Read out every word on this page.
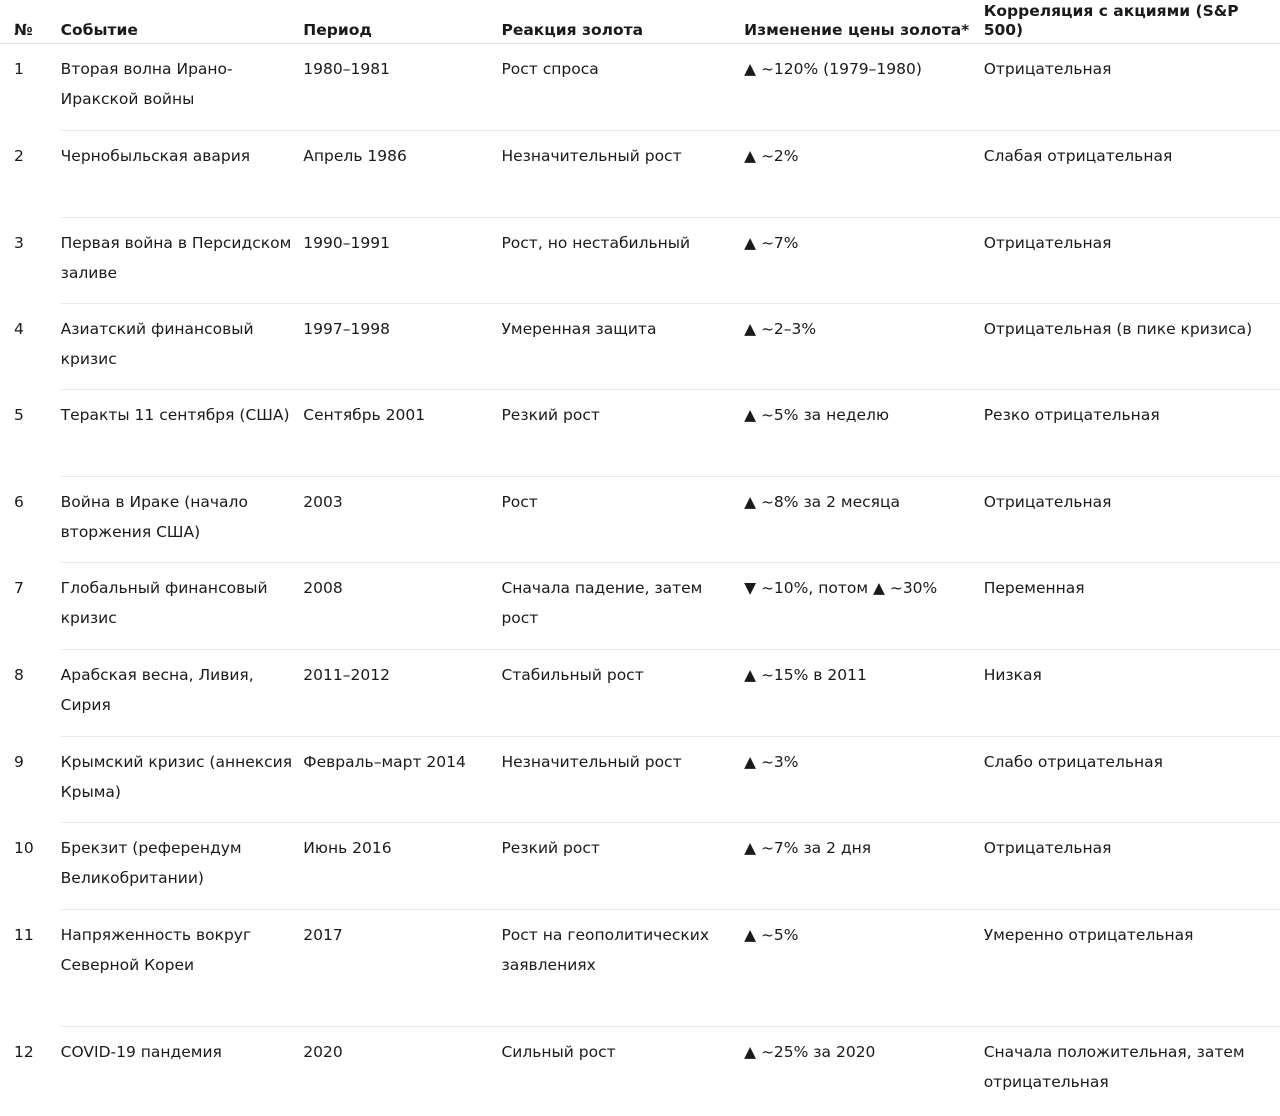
№	Событие	Период	Реакция золота	Изменение цены золота*	Корреляция с акциями (S&P 500)

1	Вторая волна Ирано-Иракской войны	1980–1981	Рост спроса	▲ ~120% (1979–1980)	Отрицательная

2	Чернобыльская авария	Апрель 1986	Незначительный рост	▲ ~2%	Слабая отрицательная

3	Первая война в Персидском заливе	1990–1991	Рост, но нестабильный	▲ ~7%	Отрицательная

4	Азиатский финансовый кризис	1997–1998	Умеренная защита	▲ ~2–3%	Отрицательная (в пике кризиса)

5	Теракты 11 сентября (США)	Сентябрь 2001	Резкий рост	▲ ~5% за неделю	Резко отрицательная

6	Война в Ираке (начало вторжения США)	2003	Рост	▲ ~8% за 2 месяца	Отрицательная

7	Глобальный финансовый кризис	2008	Сначала падение, затем рост	▼ ~10%, потом ▲ ~30%	Переменная

8	Арабская весна, Ливия, Сирия	2011–2012	Стабильный рост	▲ ~15% в 2011	Низкая

9	Крымский кризис (аннексия Крыма)	Февраль–март 2014	Незначительный рост	▲ ~3%	Слабо отрицательная

10	Брекзит (референдум Великобритании)	Июнь 2016	Резкий рост	▲ ~7% за 2 дня	Отрицательная

11	Напряженность вокруг Северной Кореи	2017	Рост на геополитических заявлениях	▲ ~5%	Умеренно отрицательная

12	COVID-19 пандемия	2020	Сильный рост	▲ ~25% за 2020	Сначала положительная, затем отрицательная
